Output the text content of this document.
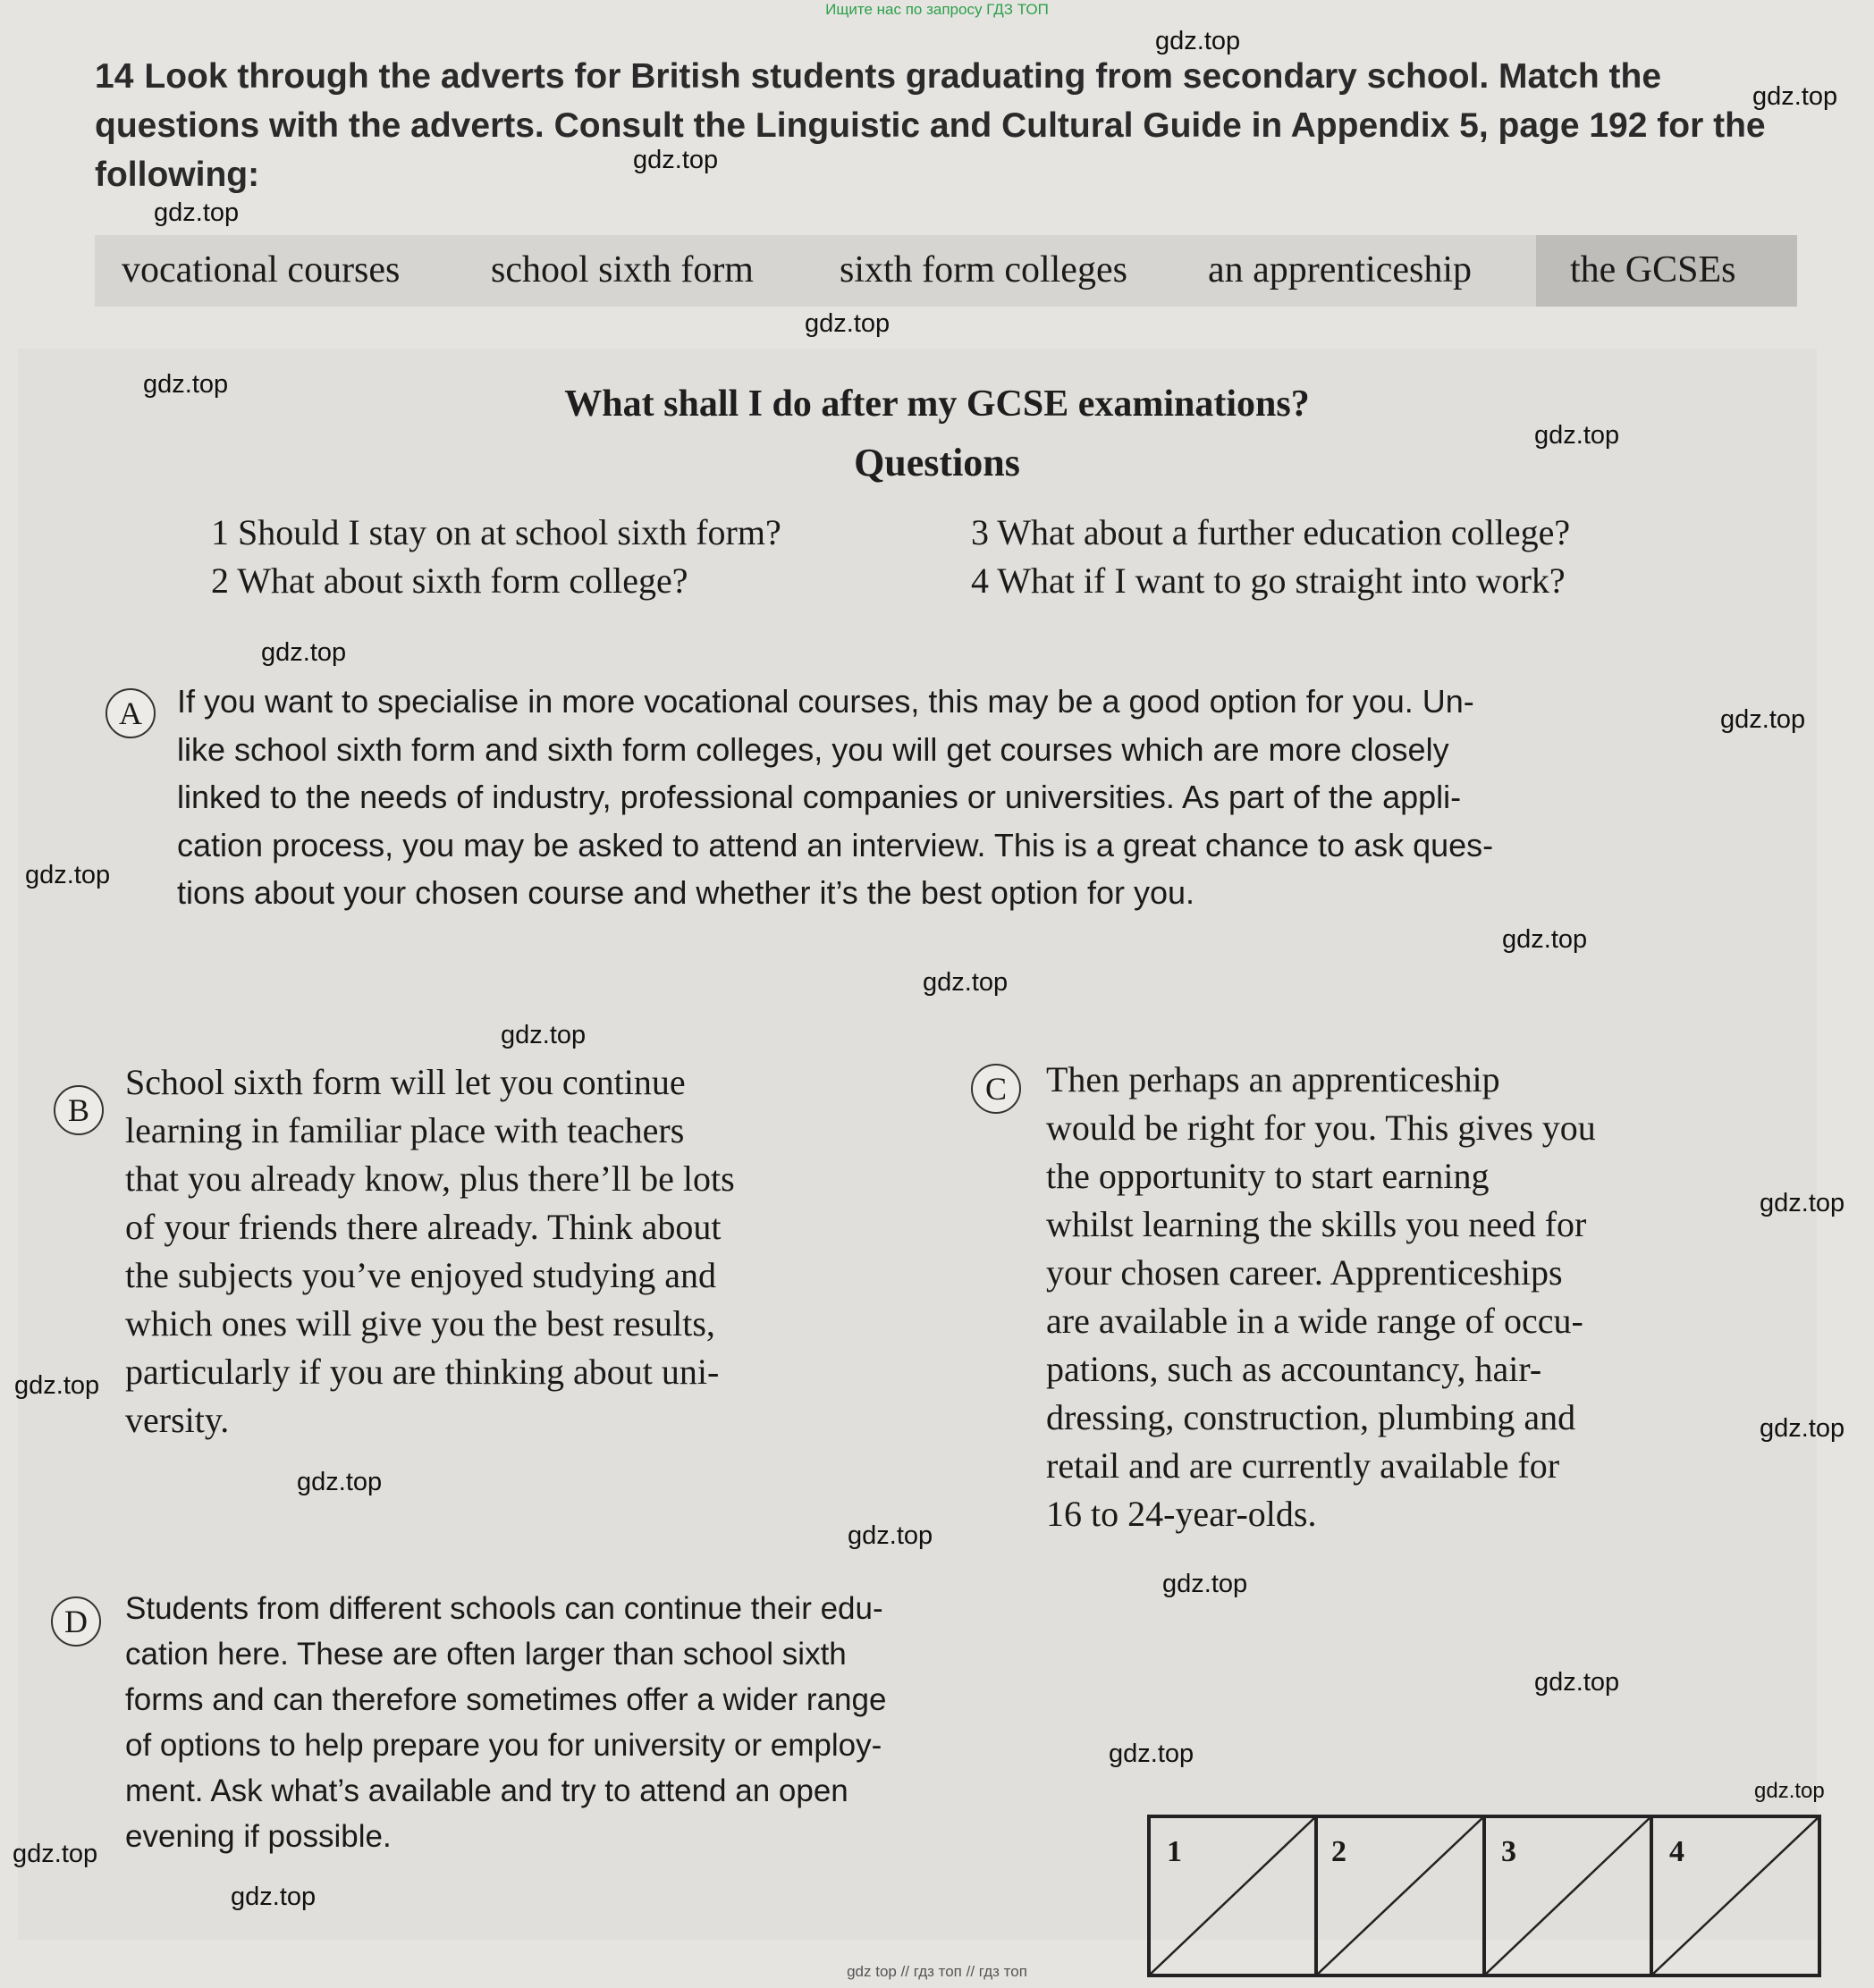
Ищите нас по запросу ГДЗ ТОП
14 Look through the adverts for British students graduating from secondary school. Match the questions with the adverts. Consult the Linguistic and Cultural Guide in Appendix 5, page 192 for the following:
vocational courses school sixth form sixth form colleges an apprenticeship	the GCSEs
What shall I do after my GCSE examinations?
Questions
1 Should I stay on at school sixth form?
2 What about sixth form college?
3 What about a further education college?
4 What if I want to go straight into work?
A	If you want to specialise in more vocational courses, this may be a good option for you. Un-
like school sixth form and sixth form colleges, you will get courses which are more closely
linked to the needs of industry, professional companies or universities. As part of the appli-
cation process, you may be asked to attend an interview. This is a great chance to ask ques-
tions about your chosen course and whether it’s the best option for you.
B
School sixth form will let you continue
learning in familiar place with teachers
that you already know, plus there’ll be lots
of your friends there already. Think about
the subjects you’ve enjoyed studying and
which ones will give you the best results,
particularly if you are thinking about uni-
versity.
C	Then perhaps an apprenticeship
would be right for you. This gives you
the opportunity to start earning
whilst learning the skills you need for
your chosen career. Apprenticeships
are available in a wide range of occu-
pations, such as accountancy, hair-
dressing, construction, plumbing and
retail and are currently available for
16 to 24-year-olds.
D	Students from different schools can continue their edu-
cation here. These are often larger than school sixth
forms and can therefore sometimes offer a wider range
of options to help prepare you for university or employ-
ment. Ask what’s available and try to attend an open
evening if possible.	1	2	3	4
gdz.top
gdz.top
gdz.top
gdz.top
gdz.top
gdz.top
gdz.top
gdz.top
gdz.top
gdz.top
gdz.top
gdz.top
gdz.top
gdz.top
gdz.top
gdz.top
gdz.top
gdz.top
gdz.top
gdz.top
gdz.top
gdz.top
gdz.top
gdz.top
gdz top // гдз топ // гдз топ
